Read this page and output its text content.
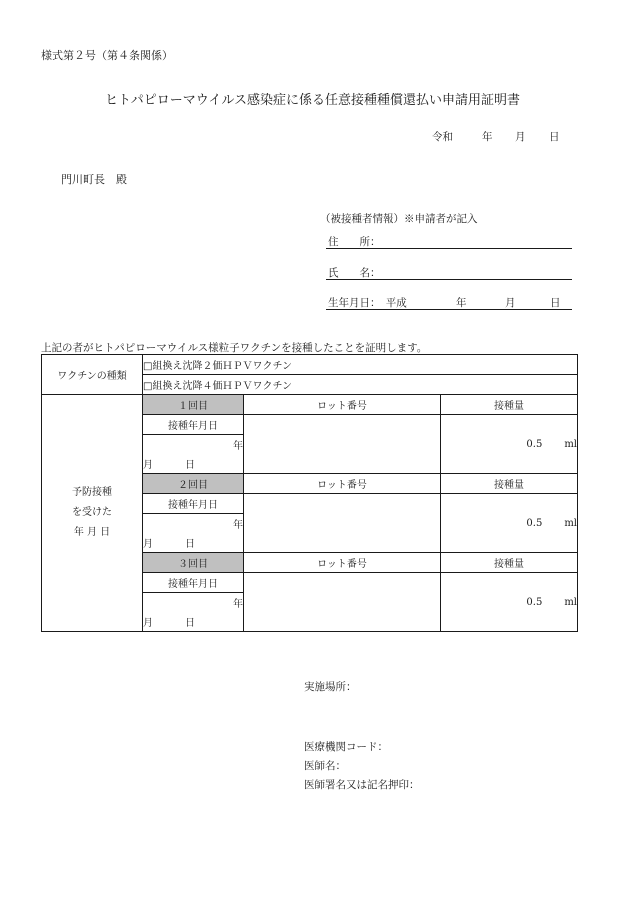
様式第２号（第４条関係）
ヒトパピローマウイルス感染症に係る任意接種種償還払い申請用証明書
令和	年 月 日
門川町長　殿
（被接種者情報）※申請者が記入
住　　所：
氏　　名：
生年月日：　平成	年	月	日
上記の者がヒトパピローマウイルス様粒子ワクチンを接種したことを証明します。
ワクチンの種類	□組換え沈降２価ＨＰＶワクチン		
	□組換え沈降４価ＨＰＶワクチン		
予防接種
を受けた
年 月 日	１回目	ロット番号	接種量
	接種年月日		0.5 ml
	年		
	月 日		
	２回目	ロット番号	接種量
	接種年月日		0.5 ml
	年		
	月 日		
	３回目	ロット番号	接種量
	接種年月日		0.5 ml
	年		
	月 日		
実施場所：
医療機関コード：
医師名：
医師署名又は記名押印：
